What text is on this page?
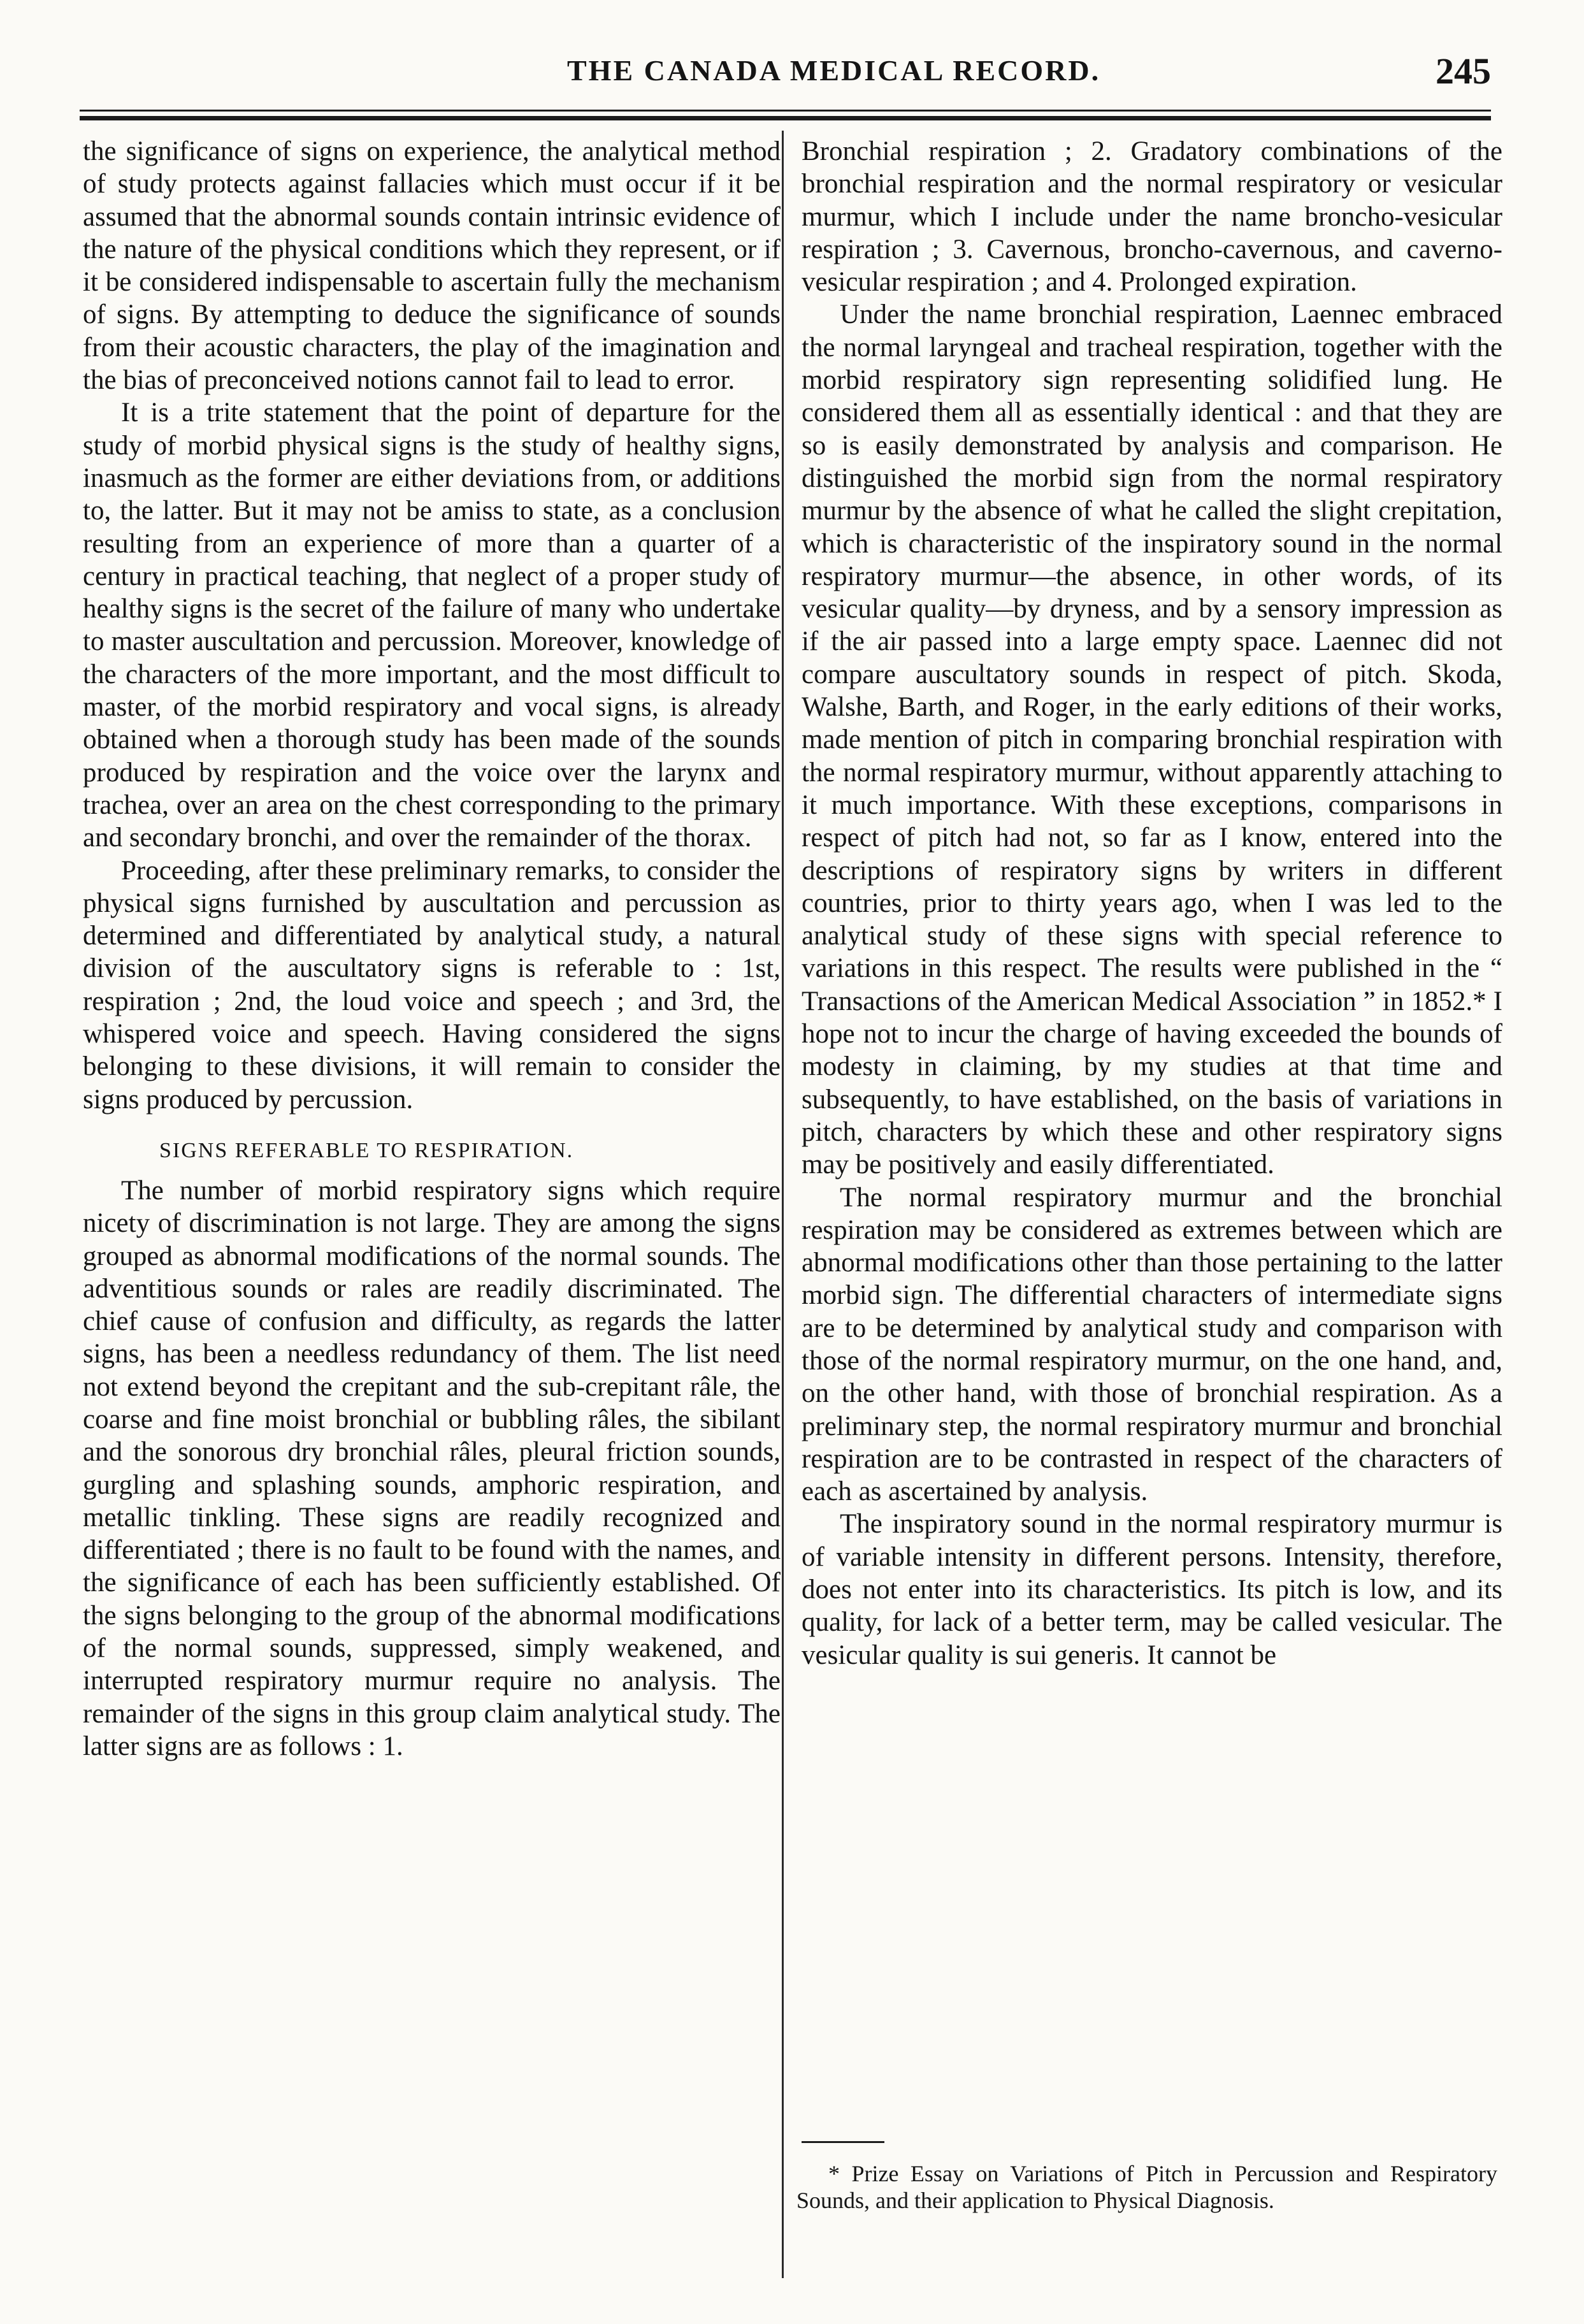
THE CANADA MEDICAL RECORD.	245

the significance of signs on experience, the analytical method of study protects against fallacies which must occur if it be assumed that the abnormal sounds contain intrinsic evidence of the nature of the physical conditions which they represent, or if it be considered indispensable to ascertain fully the mechanism of signs. By attempting to deduce the significance of sounds from their acoustic characters, the play of the imagination and the bias of preconceived notions cannot fail to lead to error.

It is a trite statement that the point of departure for the study of morbid physical signs is the study of healthy signs, inasmuch as the former are either deviations from, or additions to, the latter. But it may not be amiss to state, as a conclusion resulting from an experience of more than a quarter of a century in practical teaching, that neglect of a proper study of healthy signs is the secret of the failure of many who undertake to master auscultation and percussion. Moreover, knowledge of the characters of the more important, and the most difficult to master, of the morbid respiratory and vocal signs, is already obtained when a thorough study has been made of the sounds produced by respiration and the voice over the larynx and trachea, over an area on the chest corresponding to the primary and secondary bronchi, and over the remainder of the thorax.

Proceeding, after these preliminary remarks, to consider the physical signs furnished by auscultation and percussion as determined and differentiated by analytical study, a natural division of the auscultatory signs is referable to : 1st, respiration ; 2nd, the loud voice and speech ; and 3rd, the whispered voice and speech. Having considered the signs belonging to these divisions, it will remain to consider the signs produced by percussion.

SIGNS REFERABLE TO RESPIRATION.

The number of morbid respiratory signs which require nicety of discrimination is not large. They are among the signs grouped as abnormal modifications of the normal sounds. The adventitious sounds or rales are readily discriminated. The chief cause of confusion and difficulty, as regards the latter signs, has been a needless redundancy of them. The list need not extend beyond the crepitant and the sub-crepitant râle, the coarse and fine moist bronchial or bubbling râles, the sibilant and the sonorous dry bronchial râles, pleural friction sounds, gurgling and splashing sounds, amphoric respiration, and metallic tinkling. These signs are readily recognized and differentiated ; there is no fault to be found with the names, and the significance of each has been sufficiently established. Of the signs belonging to the group of the abnormal modifications of the normal sounds, suppressed, simply weakened, and interrupted respiratory murmur require no analysis. The remainder of the signs in this group claim analytical study. The latter signs are as follows : 1.

Bronchial respiration ; 2. Gradatory combinations of the bronchial respiration and the normal respiratory or vesicular murmur, which I include under the name broncho-vesicular respiration ; 3. Cavernous, broncho-cavernous, and caverno-vesicular respiration ; and 4. Prolonged expiration.

Under the name bronchial respiration, Laennec embraced the normal laryngeal and tracheal respiration, together with the morbid respiratory sign representing solidified lung. He considered them all as essentially identical : and that they are so is easily demonstrated by analysis and comparison. He distinguished the morbid sign from the normal respiratory murmur by the absence of what he called the slight crepitation, which is characteristic of the inspiratory sound in the normal respiratory murmur—the absence, in other words, of its vesicular quality—by dryness, and by a sensory impression as if the air passed into a large empty space. Laennec did not compare auscultatory sounds in respect of pitch. Skoda, Walshe, Barth, and Roger, in the early editions of their works, made mention of pitch in comparing bronchial respiration with the normal respiratory murmur, without apparently attaching to it much importance. With these exceptions, comparisons in respect of pitch had not, so far as I know, entered into the descriptions of respiratory signs by writers in different countries, prior to thirty years ago, when I was led to the analytical study of these signs with special reference to variations in this respect. The results were published in the “ Transactions of the American Medical Association ” in 1852.* I hope not to incur the charge of having exceeded the bounds of modesty in claiming, by my studies at that time and subsequently, to have established, on the basis of variations in pitch, characters by which these and other respiratory signs may be positively and easily differentiated.

The normal respiratory murmur and the bronchial respiration may be considered as extremes between which are abnormal modifications other than those pertaining to the latter morbid sign. The differential characters of intermediate signs are to be determined by analytical study and comparison with those of the normal respiratory murmur, on the one hand, and, on the other hand, with those of bronchial respiration. As a preliminary step, the normal respiratory murmur and bronchial respiration are to be contrasted in respect of the characters of each as ascertained by analysis.

The inspiratory sound in the normal respiratory murmur is of variable intensity in different persons. Intensity, therefore, does not enter into its characteristics. Its pitch is low, and its quality, for lack of a better term, may be called vesicular. The vesicular quality is sui generis. It cannot be

* Prize Essay on Variations of Pitch in Percussion and Respiratory Sounds, and their application to Physical Diagnosis.
